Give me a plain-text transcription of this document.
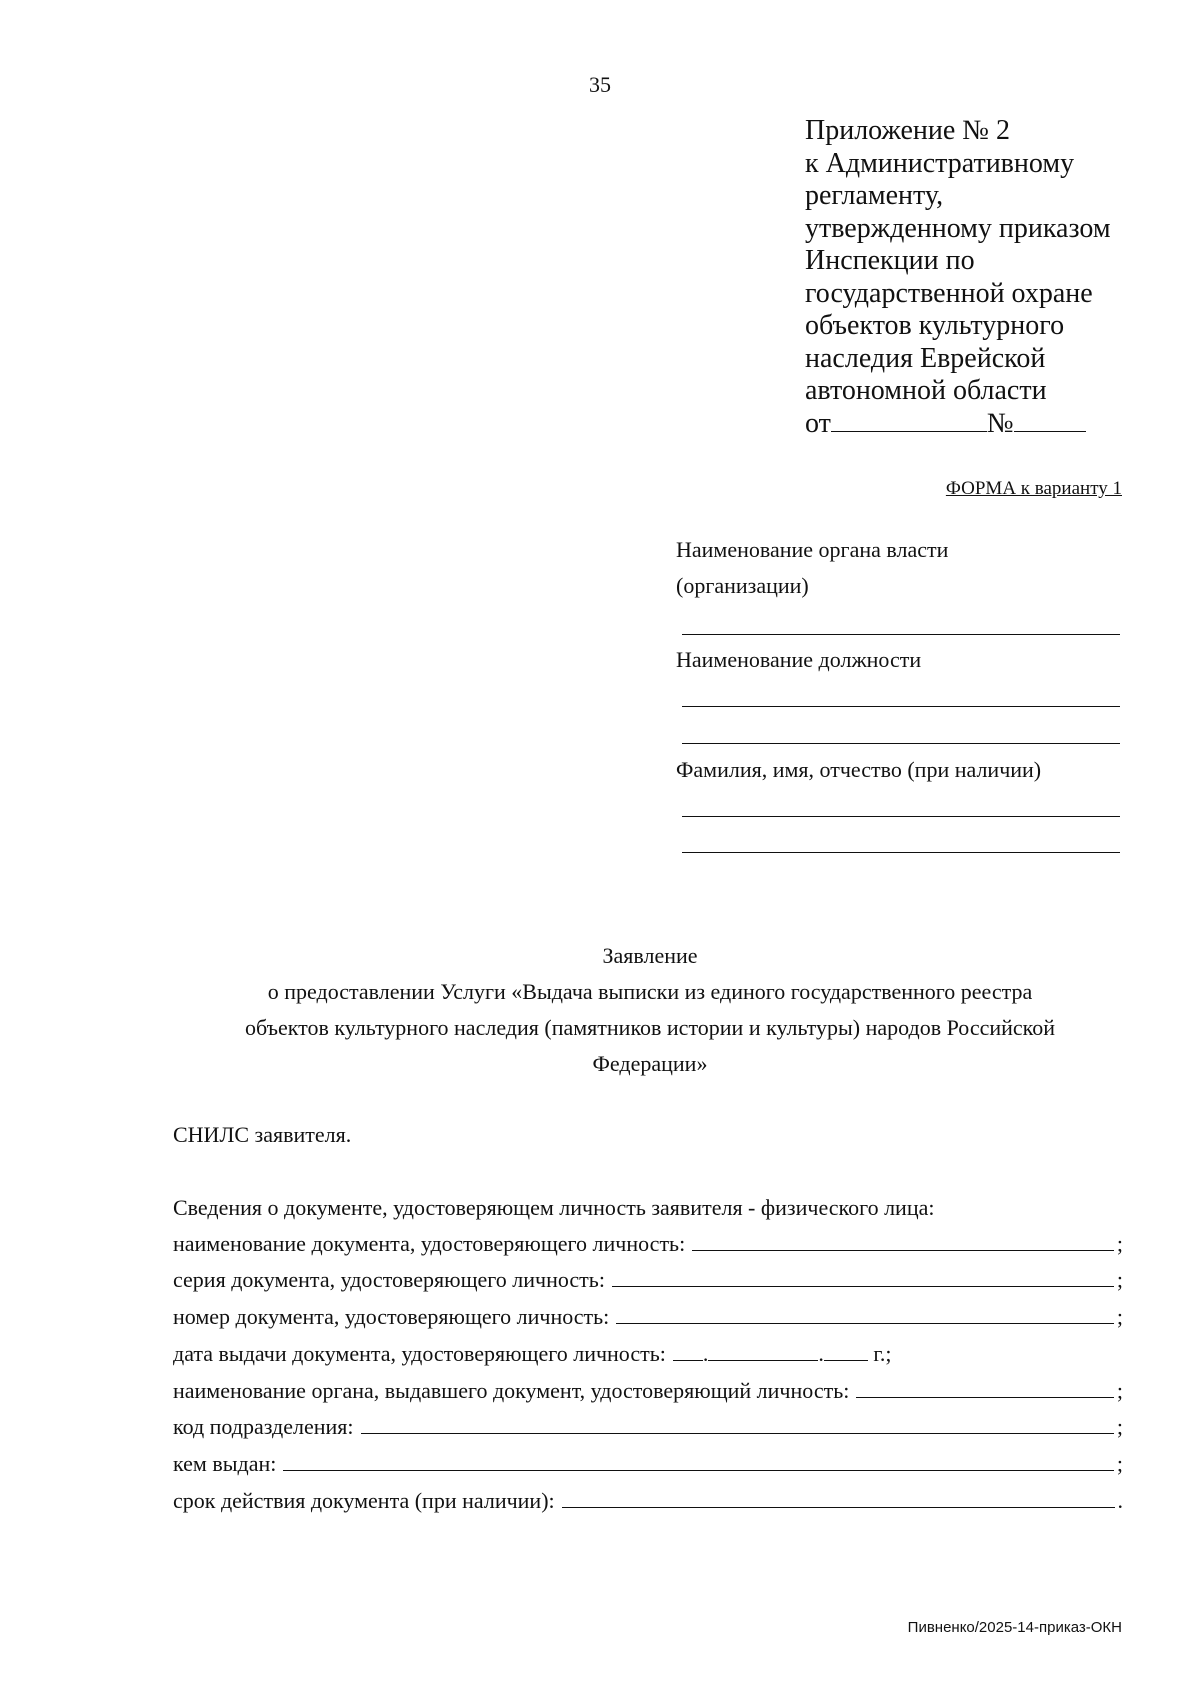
35
Приложение № 2
к Административному
регламенту,
утвержденному приказом
Инспекции по
государственной охране
объектов культурного
наследия Еврейской
автономной области
от	№
ФОРМА к варианту 1
Наименование органа власти
(организации)
Наименование должности
Фамилия, имя, отчество (при наличии)
Заявление
о предоставлении Услуги «Выдача выписки из единого государственного реестра
объектов культурного наследия (памятников истории и культуры) народов Российской
Федерации»
СНИЛС заявителя.
Сведения о документе, удостоверяющем личность заявителя - физического лица:
наименование документа, удостоверяющего личность:	;
серия документа, удостоверяющего личность:	;
номер документа, удостоверяющего личность:	;
дата выдачи документа, удостоверяющего личность: .	. г.;
наименование органа, выдавшего документ, удостоверяющий личность:	;
код подразделения:	;
кем выдан:	;
срок действия документа (при наличии):	.
Пивненко/2025-14-приказ-ОКН
